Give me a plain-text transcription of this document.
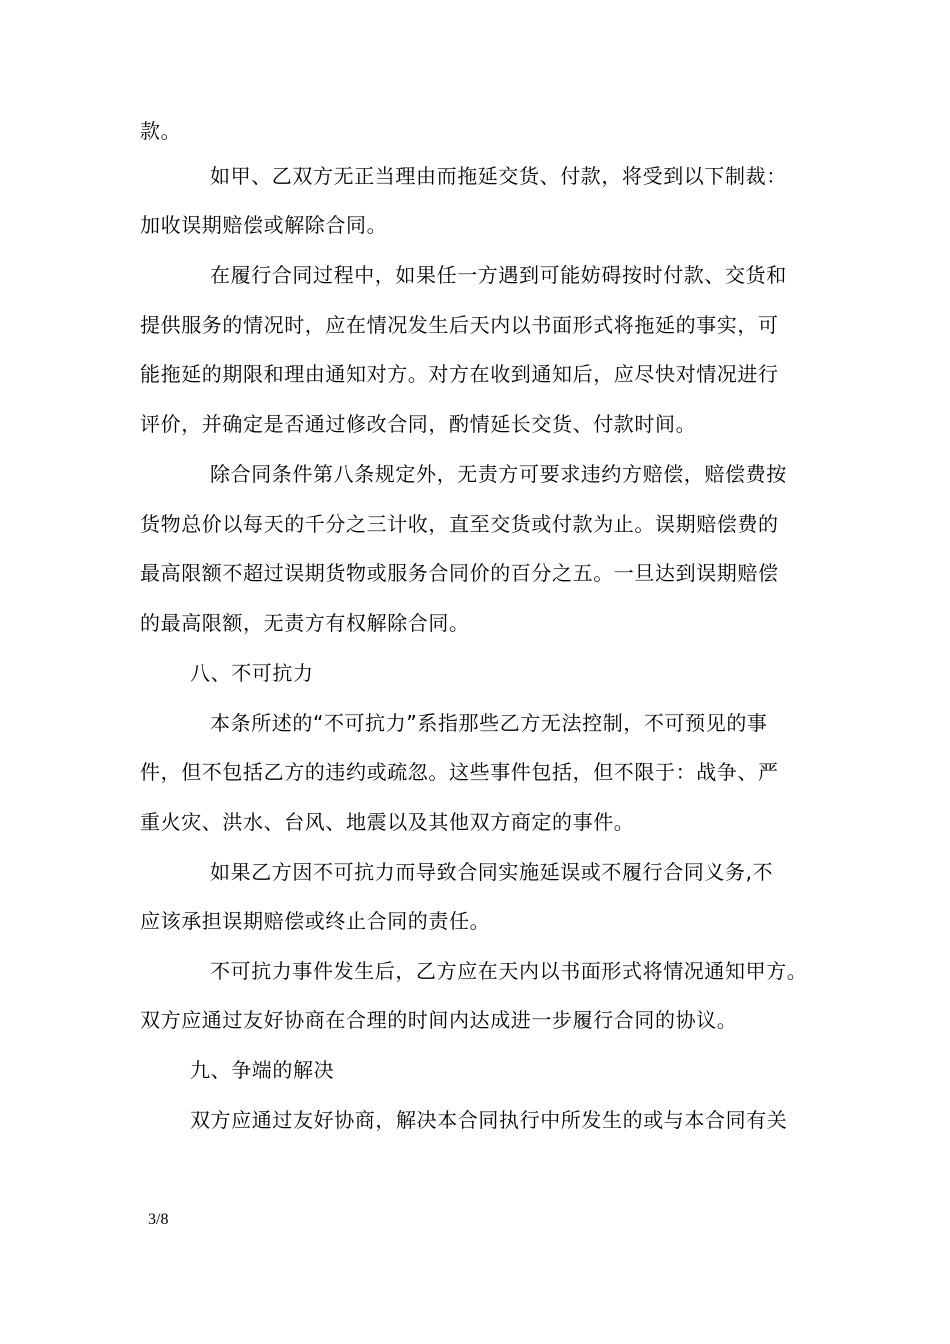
款。
如甲、乙双方无正当理由而拖延交货、付款，将受到以下制裁：
加收误期赔偿或解除合同。
在履行合同过程中，如果任一方遇到可能妨碍按时付款、交货和
提供服务的情况时，应在情况发生后天内以书面形式将拖延的事实，可
能拖延的期限和理由通知对方。对方在收到通知后，应尽快对情况进行
评价，并确定是否通过修改合同，酌情延长交货、付款时间。
除合同条件第八条规定外，无责方可要求违约方赔偿，赔偿费按
货物总价以每天的千分之三计收，直至交货或付款为止。误期赔偿费的
最高限额不超过误期货物或服务合同价的百分之五。一旦达到误期赔偿
的最高限额，无责方有权解除合同。
八、不可抗力
本条所述的“不可抗力”系指那些乙方无法控制，不可预见的事
件，但不包括乙方的违约或疏忽。这些事件包括，但不限于：战争、严
重火灾、洪水、台风、地震以及其他双方商定的事件。
如果乙方因不可抗力而导致合同实施延误或不履行合同义务,不
应该承担误期赔偿或终止合同的责任。
不可抗力事件发生后，乙方应在天内以书面形式将情况通知甲方。
双方应通过友好协商在合理的时间内达成进一步履行合同的协议。
九、争端的解决
双方应通过友好协商，解决本合同执行中所发生的或与本合同有关
3/8
